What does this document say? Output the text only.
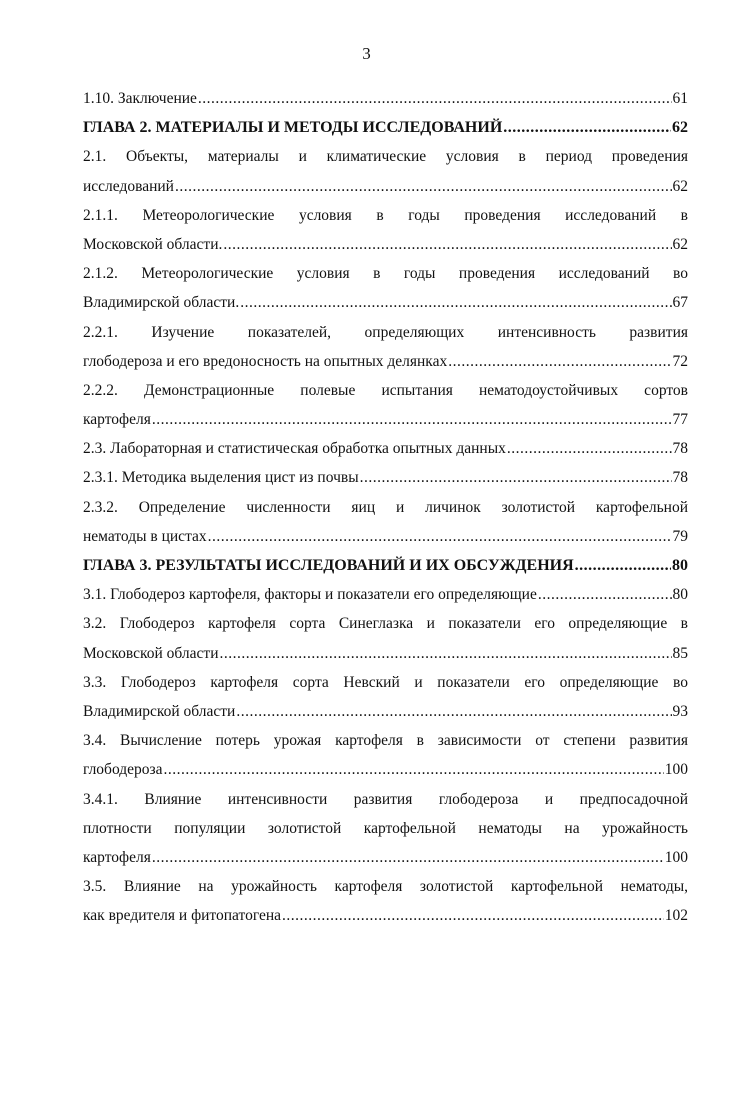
3
1.10. Заключение .....	61
ГЛАВА 2. МАТЕРИАЛЫ И МЕТОДЫ ИССЛЕДОВАНИЙ .....	62
2.1. Объекты, материалы и климатические условия в период проведения
исследований .....	62
2.1.1. Метеорологические условия в годы проведения исследований в
Московской области. .....	62
2.1.2. Метеорологические условия в годы проведения исследований во
Владимирской области. .....	67
2.2.1. Изучение показателей, определяющих интенсивность развития
глободероза и его вредоносность на опытных делянках .....	72
2.2.2. Демонстрационные полевые испытания нематодоустойчивых сортов
картофеля .....	77
2.3. Лабораторная и статистическая обработка опытных данных .....	78
2.3.1. Методика выделения цист из почвы .....	78
2.3.2. Определение численности яиц и личинок золотистой картофельной
нематоды в цистах .....	79
ГЛАВА 3. РЕЗУЛЬТАТЫ ИССЛЕДОВАНИЙ И ИХ ОБСУЖДЕНИЯ .....	80
3.1. Глободероз картофеля, факторы и показатели его определяющие .....	80
3.2. Глободероз картофеля сорта Синеглазка и показатели его определяющие в
Московской области .....	85
3.3. Глободероз картофеля сорта Невский и показатели его определяющие во
Владимирской области .....	93
3.4. Вычисление потерь урожая картофеля в зависимости от степени развития
глободероза .....	100
3.4.1. Влияние интенсивности развития глободероза и предпосадочной
плотности популяции золотистой картофельной нематоды на урожайность
картофеля .....	100
3.5. Влияние на урожайность картофеля золотистой картофельной нематоды,
как вредителя и фитопатогена .....	102
